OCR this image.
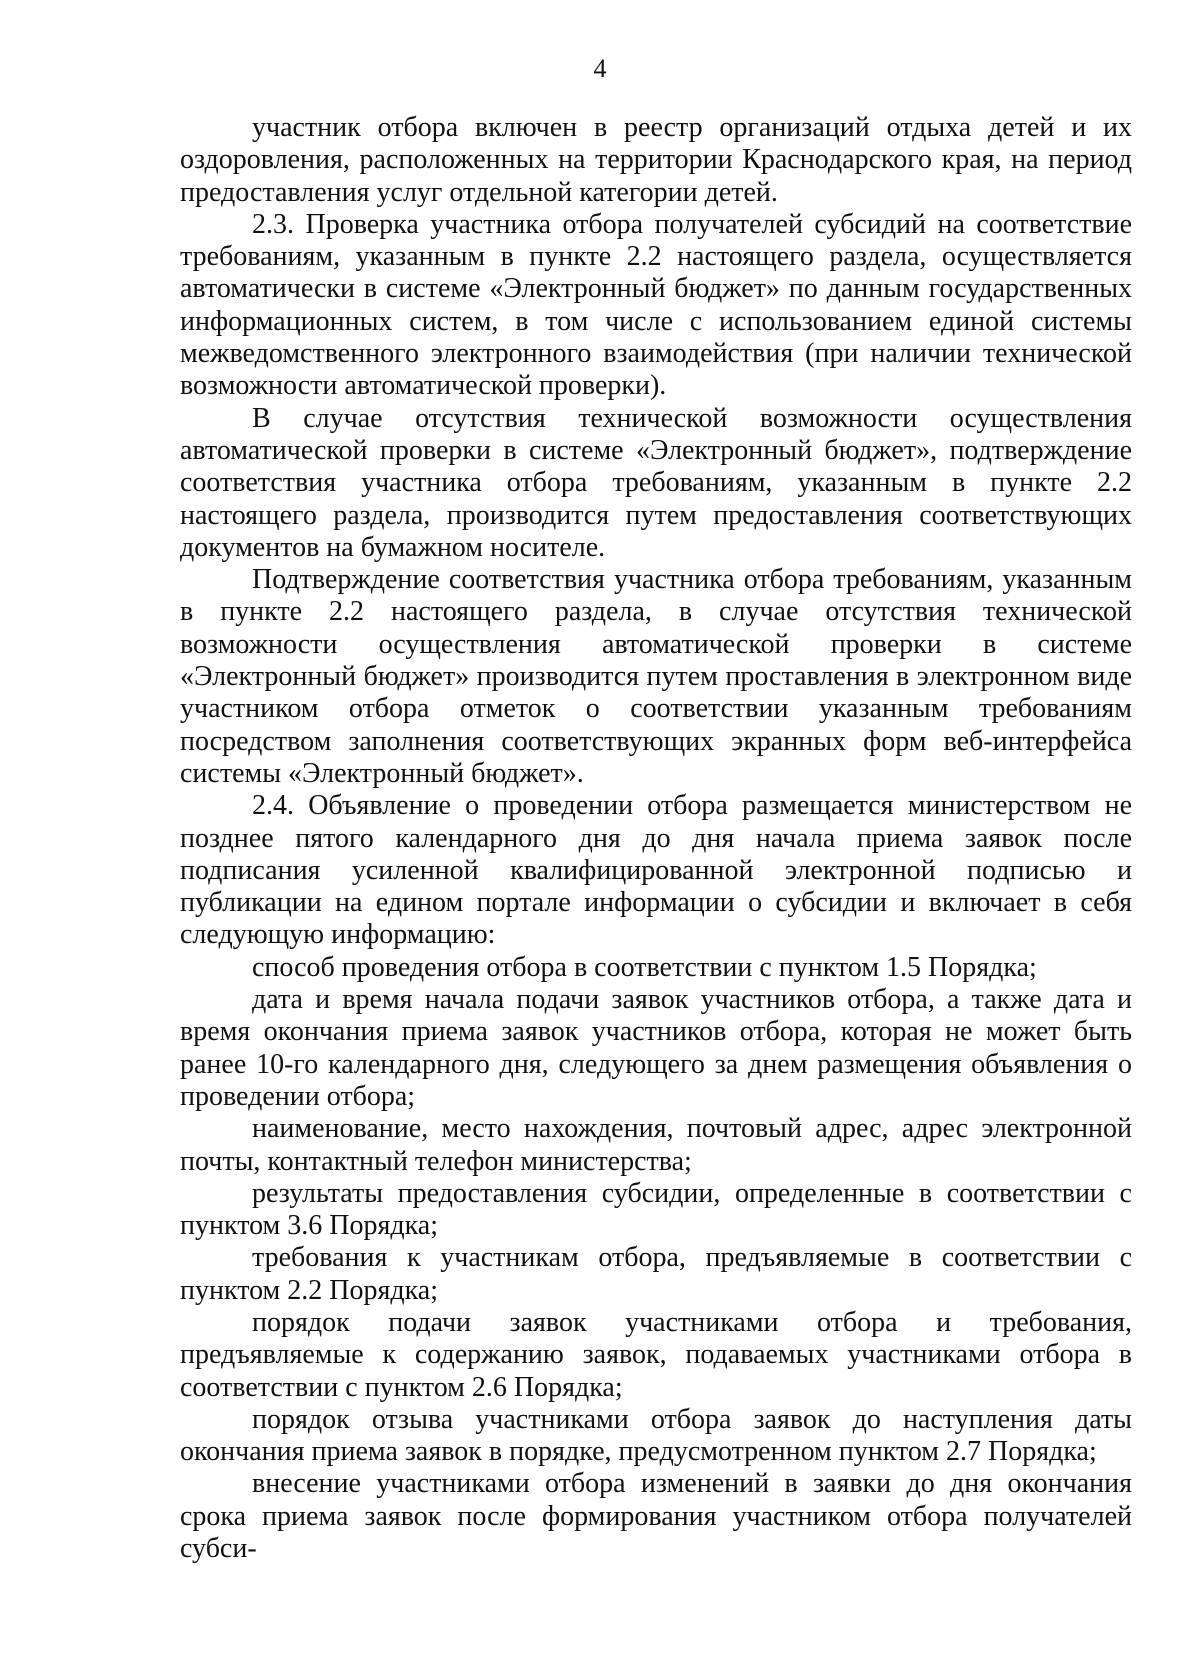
4

участник отбора включен в реестр организаций отдыха детей и их оздоровления, расположенных на территории Краснодарского края, на период предоставления услуг отдельной категории детей.

2.3. Проверка участника отбора получателей субсидий на соответствие требованиям, указанным в пункте 2.2 настоящего раздела, осуществляется автоматически в системе «Электронный бюджет» по данным государственных информационных систем, в том числе с использованием единой системы межведомственного электронного взаимодействия (при наличии технической возможности автоматической проверки).

В случае отсутствия технической возможности осуществления автоматической проверки в системе «Электронный бюджет», подтверждение соответствия участника отбора требованиям, указанным в пункте 2.2 настоящего раздела, производится путем предоставления соответствующих документов на бумажном носителе.

Подтверждение соответствия участника отбора требованиям, указанным в пункте 2.2 настоящего раздела, в случае отсутствия технической возможности осуществления автоматической проверки в системе «Электронный бюджет» производится путем проставления в электронном виде участником отбора отметок о соответствии указанным требованиям посредством заполнения соответствующих экранных форм веб-интерфейса системы «Электронный бюджет».

2.4. Объявление о проведении отбора размещается министерством не позднее пятого календарного дня до дня начала приема заявок после подписания усиленной квалифицированной электронной подписью и публикации на едином портале информации о субсидии и включает в себя следующую информацию:

способ проведения отбора в соответствии с пунктом 1.5 Порядка;

дата и время начала подачи заявок участников отбора, а также дата и время окончания приема заявок участников отбора, которая не может быть ранее 10-го календарного дня, следующего за днем размещения объявления о проведении отбора;

наименование, место нахождения, почтовый адрес, адрес электронной почты, контактный телефон министерства;

результаты предоставления субсидии, определенные в соответствии с пунктом 3.6 Порядка;

требования к участникам отбора, предъявляемые в соответствии с пунктом 2.2 Порядка;

порядок подачи заявок участниками отбора и требования, предъявляемые к содержанию заявок, подаваемых участниками отбора в соответствии с пунктом 2.6 Порядка;

порядок отзыва участниками отбора заявок до наступления даты окончания приема заявок в порядке, предусмотренном пунктом 2.7 Порядка;

внесение участниками отбора изменений в заявки до дня окончания срока приема заявок после формирования участником отбора получателей субси-
